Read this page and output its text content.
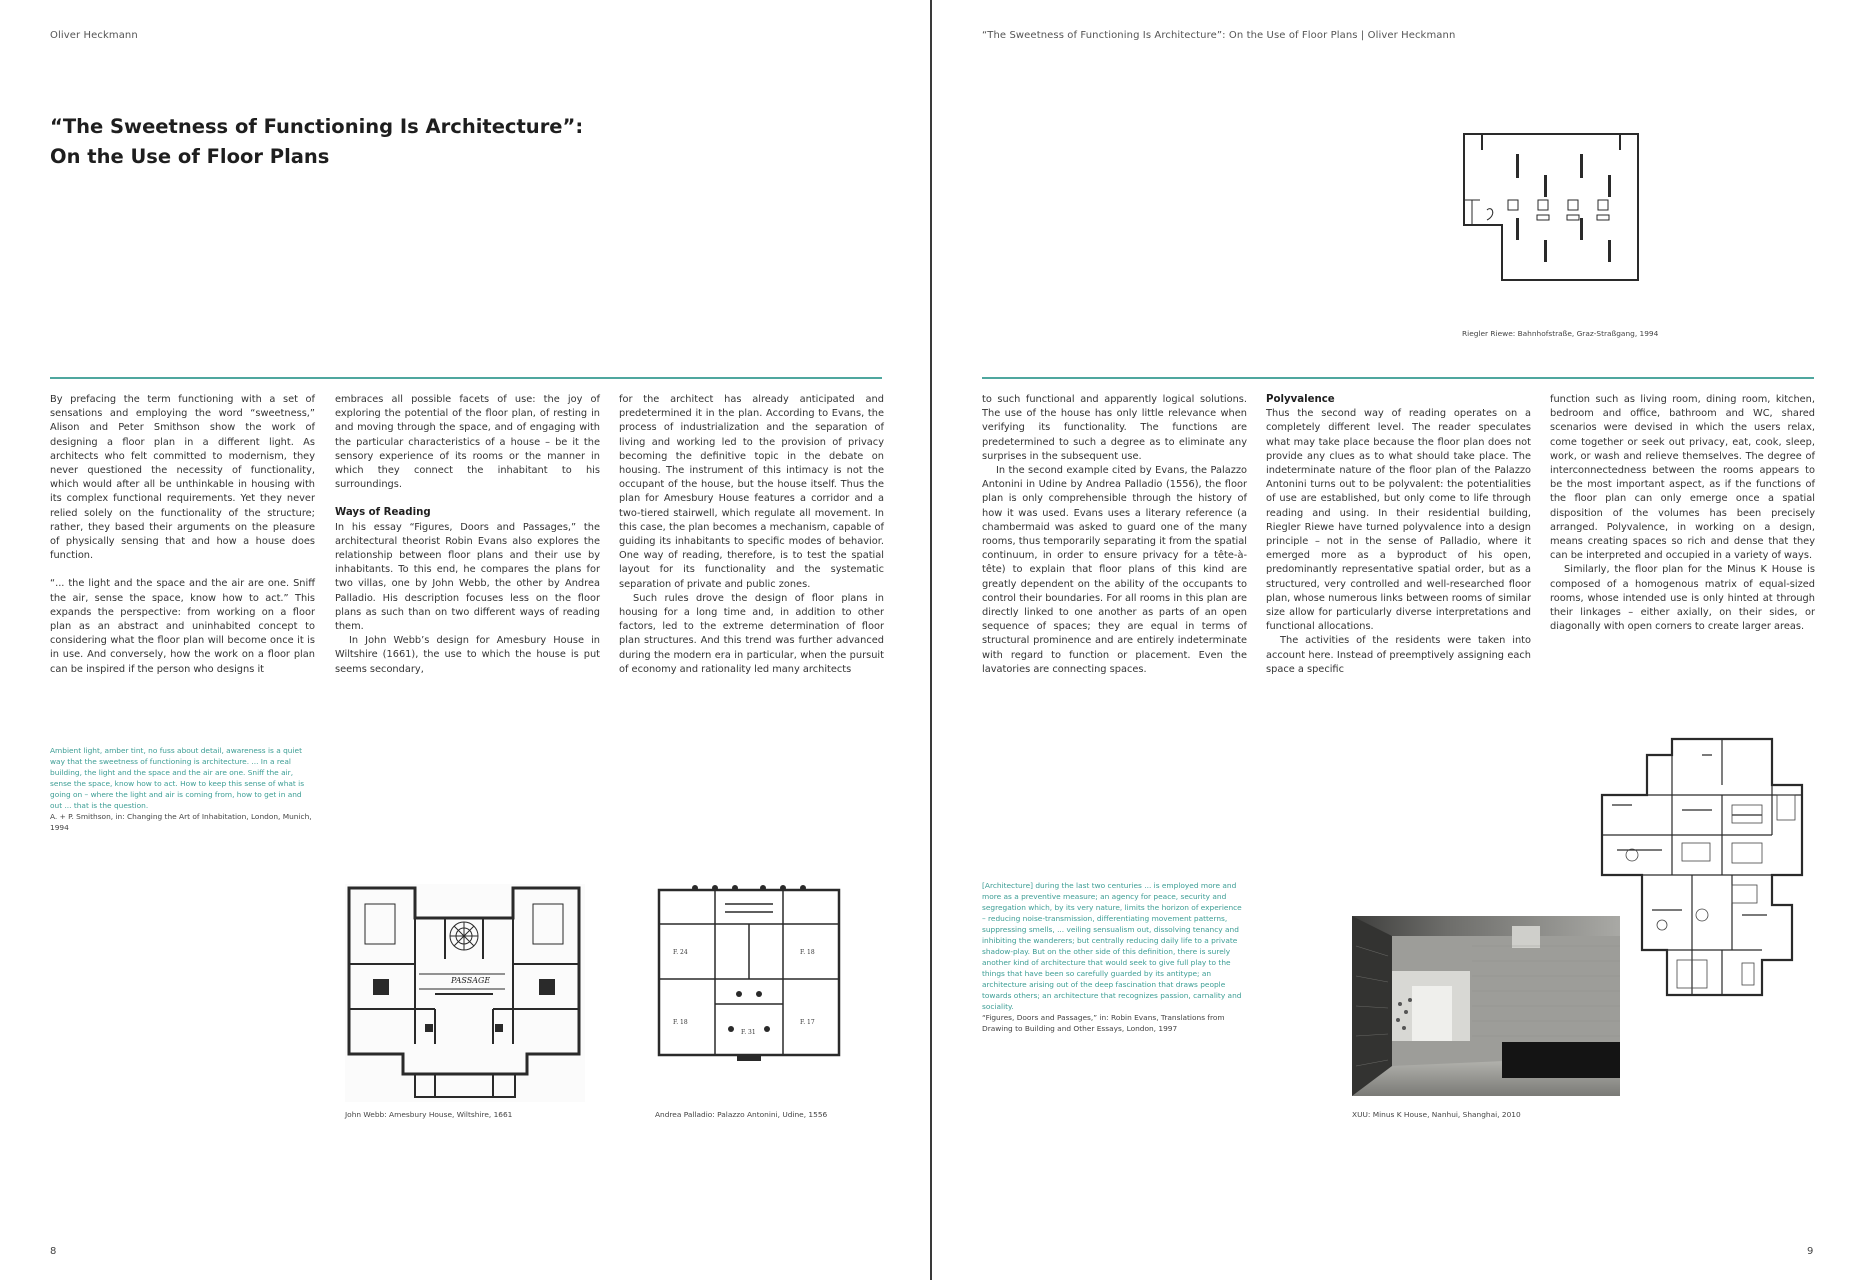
Oliver Heckmann
“The Sweetness of Functioning Is Architecture”:
On the Use of Floor Plans

By prefacing the term functioning with a set of sensations and employing the word “sweetness,” Alison and Peter Smithson show the work of designing a floor plan in a different light. As architects who felt committed to modernism, they never questioned the necessity of functionality, which would after all be unthinkable in housing with its complex functional requirements. Yet they never relied solely on the functionality of the structure; rather, they based their arguments on the pleasure of physically sensing that and how a house does function.

“... the light and the space and the air are one. Sniff the air, sense the space, know how to act.” This expands the perspective: from working on a floor plan as an abstract and uninhabited concept to considering what the floor plan will become once it is in use. And conversely, how the work on a floor plan can be inspired if the person who designs it

embraces all possible facets of use: the joy of exploring the potential of the floor plan, of resting in and moving through the space, and of engaging with the particular characteristics of a house – be it the sensory experience of its rooms or the manner in which they connect the inhabitant to his surroundings.

Ways of Reading

In his essay “Figures, Doors and Passages,” the architectural theorist Robin Evans also explores the relationship between floor plans and their use by inhabitants. To this end, he compares the plans for two villas, one by John Webb, the other by Andrea Palladio. His description focuses less on the floor plans as such than on two different ways of reading them.

In John Webb’s design for Amesbury House in Wiltshire (1661), the use to which the house is put seems secondary,

for the architect has already anticipated and predetermined it in the plan. According to Evans, the process of industrialization and the separation of living and working led to the provision of privacy becoming the definitive topic in the debate on housing. The instrument of this intimacy is not the occupant of the house, but the house itself. Thus the plan for Amesbury House features a corridor and a two-tiered stairwell, which regulate all movement. In this case, the plan becomes a mechanism, capable of guiding its inhabitants to specific modes of behavior. One way of reading, therefore, is to test the spatial layout for its functionality and the systematic separation of private and public zones.

Such rules drove the design of floor plans in housing for a long time and, in addition to other factors, led to the extreme determination of floor plan structures. And this trend was further advanced during the modern era in particular, when the pursuit of economy and rationality led many architects

Ambient light, amber tint, no fuss about detail, awareness is a quiet way that the sweetness of functioning is architecture. ... In a real building, the light and the space and the air are one. Sniff the air, sense the space, know how to act. How to keep this sense of what is going on – where the light and air is coming from, how to get in and out ... that is the question.

A. + P. Smithson, in: Changing the Art of Inhabitation, London, Munich, 1994

PASSAGE
John Webb: Amesbury House, Wiltshire, 1661
F. 24	F. 18
F. 18	F. 17
F. 31
Andrea Palladio: Palazzo Antonini, Udine, 1556
8
“The Sweetness of Functioning Is Architecture”: On the Use of Floor Plans | Oliver Heckmann
Riegler Riewe: Bahnhofstraße, Graz-Straßgang, 1994

to such functional and apparently logical solutions. The use of the house has only little relevance when verifying its functionality. The functions are predetermined to such a degree as to eliminate any surprises in the subsequent use.

In the second example cited by Evans, the Palazzo Antonini in Udine by Andrea Palladio (1556), the floor plan is only comprehensible through the history of how it was used. Evans uses a literary reference (a chambermaid was asked to guard one of the many rooms, thus temporarily separating it from the spatial continuum, in order to ensure privacy for a tête-à-tête) to explain that floor plans of this kind are greatly dependent on the ability of the occupants to control their boundaries. For all rooms in this plan are directly linked to one another as parts of an open sequence of spaces; they are equal in terms of structural prominence and are entirely indeterminate with regard to function or placement. Even the lavatories are connecting spaces.

Polyvalence

Thus the second way of reading operates on a completely different level. The reader speculates what may take place because the floor plan does not provide any clues as to what should take place. The indeterminate nature of the floor plan of the Palazzo Antonini turns out to be polyvalent: the potentialities of use are established, but only come to life through reading and using. In their residential building, Riegler Riewe have turned polyvalence into a design principle – not in the sense of Palladio, where it emerged more as a byproduct of his open, predominantly representative spatial order, but as a structured, very controlled and well-researched floor plan, whose numerous links between rooms of similar size allow for particularly diverse interpretations and functional allocations.

The activities of the residents were taken into account here. Instead of preemptively assigning each space a specific

function such as living room, dining room, kitchen, bedroom and office, bathroom and WC, shared scenarios were devised in which the users relax, come together or seek out privacy, eat, cook, sleep, work, or wash and relieve themselves. The degree of interconnectedness between the rooms appears to be the most important aspect, as if the functions of the floor plan can only emerge once a spatial disposition of the volumes has been precisely arranged. Polyvalence, in working on a design, means creating spaces so rich and dense that they can be interpreted and occupied in a variety of ways.

Similarly, the floor plan for the Minus K House is composed of a homogenous matrix of equal-sized rooms, whose intended use is only hinted at through their linkages – either axially, on their sides, or diagonally with open corners to create larger areas.

[Architecture] during the last two centuries ... is employed more and more as a preventive measure; an agency for peace, security and segregation which, by its very nature, limits the horizon of experience – reducing noise-transmission, differentiating movement patterns, suppressing smells, ... veiling sensualism out, dissolving tenancy and inhibiting the wanderers; but centrally reducing daily life to a private shadow-play. But on the other side of this definition, there is surely another kind of architecture that would seek to give full play to the things that have been so carefully guarded by its antitype; an architecture arising out of the deep fascination that draws people towards others; an architecture that recognizes passion, carnality and sociality.

“Figures, Doors and Passages,” in: Robin Evans, Translations from Drawing to Building and Other Essays, London, 1997

XUU: Minus K House, Nanhui, Shanghai, 2010
9
